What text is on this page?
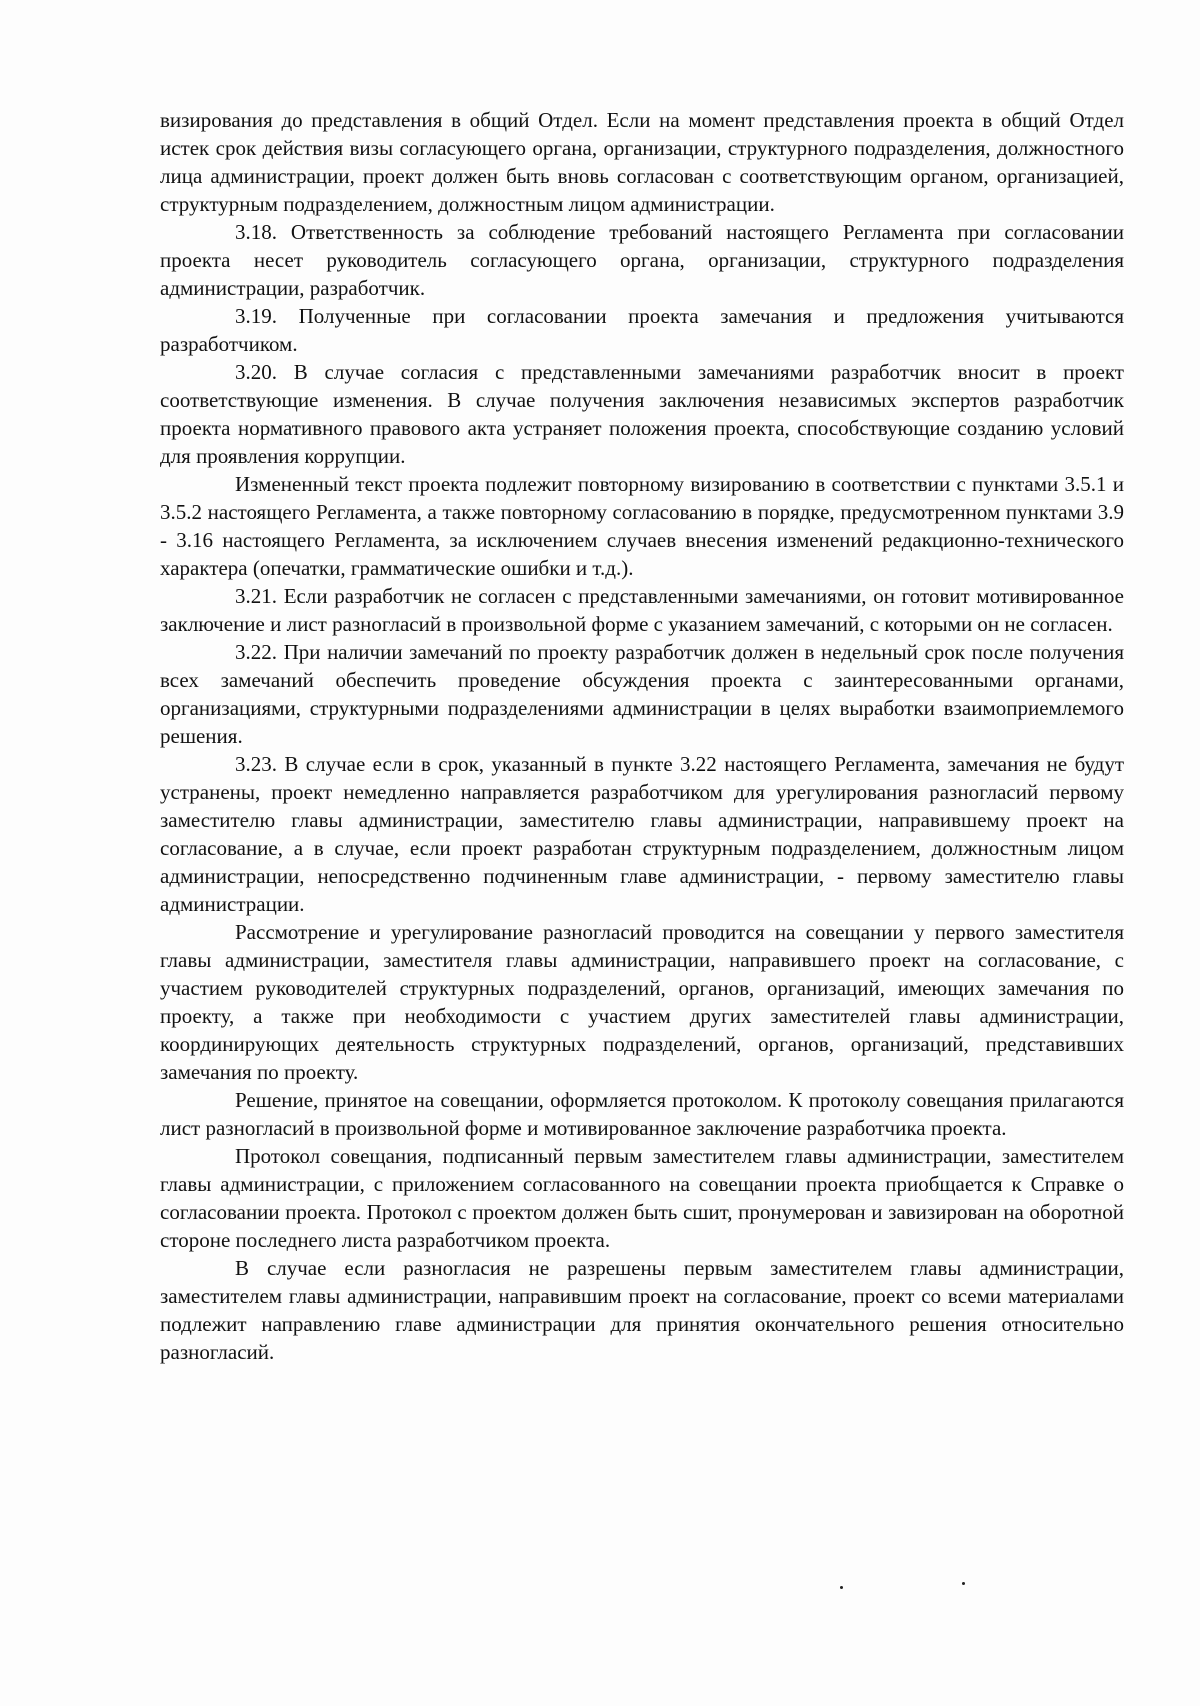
визирования до представления в общий Отдел. Если на момент представления проекта в общий Отдел истек срок действия визы согласующего органа, организации, структурного подразделения, должностного лица администрации, проект должен быть вновь согласован с соответствующим органом, организацией, структурным подразделением, должностным лицом администрации.

3.18. Ответственность за соблюдение требований настоящего Регламента при согласовании проекта несет руководитель согласующего органа, организации, структурного подразделения администрации, разработчик.

3.19. Полученные при согласовании проекта замечания и предложения учитываются разработчиком.

3.20. В случае согласия с представленными замечаниями разработчик вносит в проект соответствующие изменения. В случае получения заключения независимых экспертов разработчик проекта нормативного правового акта устраняет положения проекта, способствующие созданию условий для проявления коррупции.

Измененный текст проекта подлежит повторному визированию в соответствии с пунктами 3.5.1 и 3.5.2 настоящего Регламента, а также повторному согласованию в порядке, предусмотренном пунктами 3.9 - 3.16 настоящего Регламента, за исключением случаев внесения изменений редакционно-технического характера (опечатки, грамматические ошибки и т.д.).

3.21. Если разработчик не согласен с представленными замечаниями, он готовит мотивированное заключение и лист разногласий в произвольной форме с указанием замечаний, с которыми он не согласен.

3.22. При наличии замечаний по проекту разработчик должен в недельный срок после получения всех замечаний обеспечить проведение обсуждения проекта с заинтересованными органами, организациями, структурными подразделениями администрации в целях выработки взаимоприемлемого решения.

3.23. В случае если в срок, указанный в пункте 3.22 настоящего Регламента, замечания не будут устранены, проект немедленно направляется разработчиком для урегулирования разногласий первому заместителю главы администрации, заместителю главы администрации, направившему проект на согласование, а в случае, если проект разработан структурным подразделением, должностным лицом администрации, непосредственно подчиненным главе администрации, - первому заместителю главы администрации.

Рассмотрение и урегулирование разногласий проводится на совещании у первого заместителя главы администрации, заместителя главы администрации, направившего проект на согласование, с участием руководителей структурных подразделений, органов, организаций, имеющих замечания по проекту, а также при необходимости с участием других заместителей главы администрации, координирующих деятельность структурных подразделений, органов, организаций, представивших замечания по проекту.

Решение, принятое на совещании, оформляется протоколом. К протоколу совещания прилагаются лист разногласий в произвольной форме и мотивированное заключение разработчика проекта.

Протокол совещания, подписанный первым заместителем главы администрации, заместителем главы администрации, с приложением согласованного на совещании проекта приобщается к Справке о согласовании проекта. Протокол с проектом должен быть сшит, пронумерован и завизирован на оборотной стороне последнего листа разработчиком проекта.

В случае если разногласия не разрешены первым заместителем главы администрации, заместителем главы администрации, направившим проект на согласование, проект со всеми материалами подлежит направлению главе администрации для принятия окончательного решения относительно разногласий.
